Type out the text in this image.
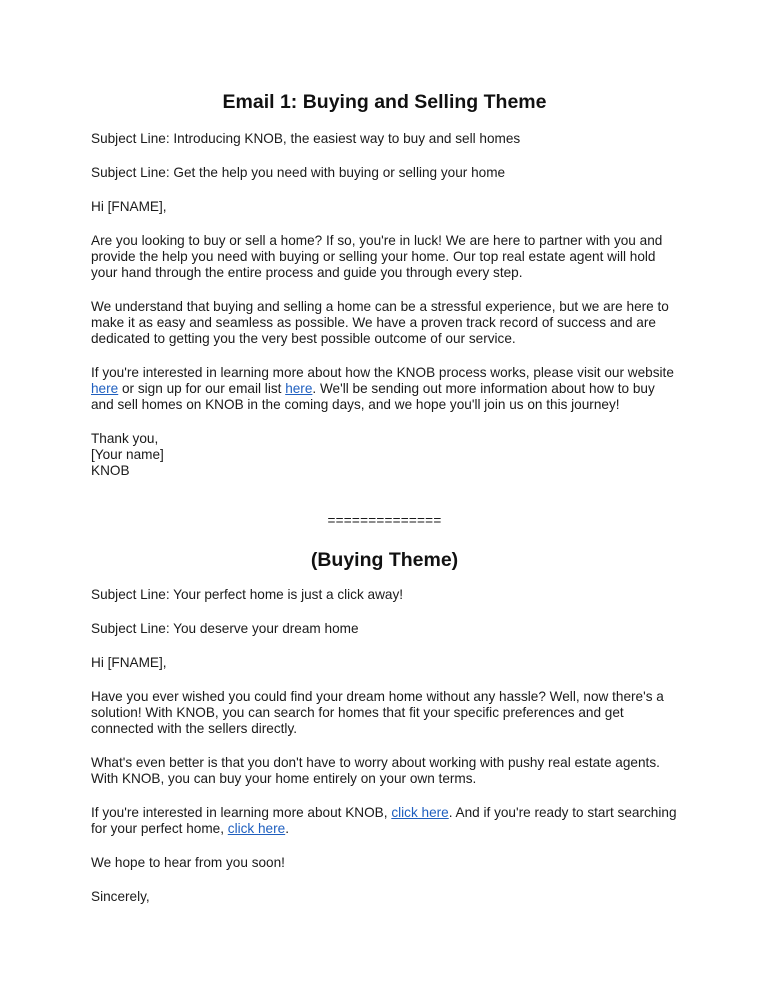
Email 1: Buying and Selling Theme

Subject Line: Introducing KNOB, the easiest way to buy and sell homes

Subject Line: Get the help you need with buying or selling your home

Hi [FNAME],

Are you looking to buy or sell a home? If so, you're in luck! We are here to partner with you and provide the help you need with buying or selling your home. Our top real estate agent will hold your hand through the entire process and guide you through every step.

We understand that buying and selling a home can be a stressful experience, but we are here to make it as easy and seamless as possible. We have a proven track record of success and are dedicated to getting you the very best possible outcome of our service.

If you're interested in learning more about how the KNOB process works, please visit our website here or sign up for our email list here. We'll be sending out more information about how to buy and sell homes on KNOB in the coming days, and we hope you'll join us on this journey!

Thank you,
[Your name]
KNOB

==============
(Buying Theme)

Subject Line: Your perfect home is just a click away!

Subject Line: You deserve your dream home

Hi [FNAME],

Have you ever wished you could find your dream home without any hassle? Well, now there's a solution! With KNOB, you can search for homes that fit your specific preferences and get connected with the sellers directly.

What's even better is that you don't have to worry about working with pushy real estate agents. With KNOB, you can buy your home entirely on your own terms.

If you're interested in learning more about KNOB, click here. And if you're ready to start searching for your perfect home, click here.

We hope to hear from you soon!

Sincerely,
